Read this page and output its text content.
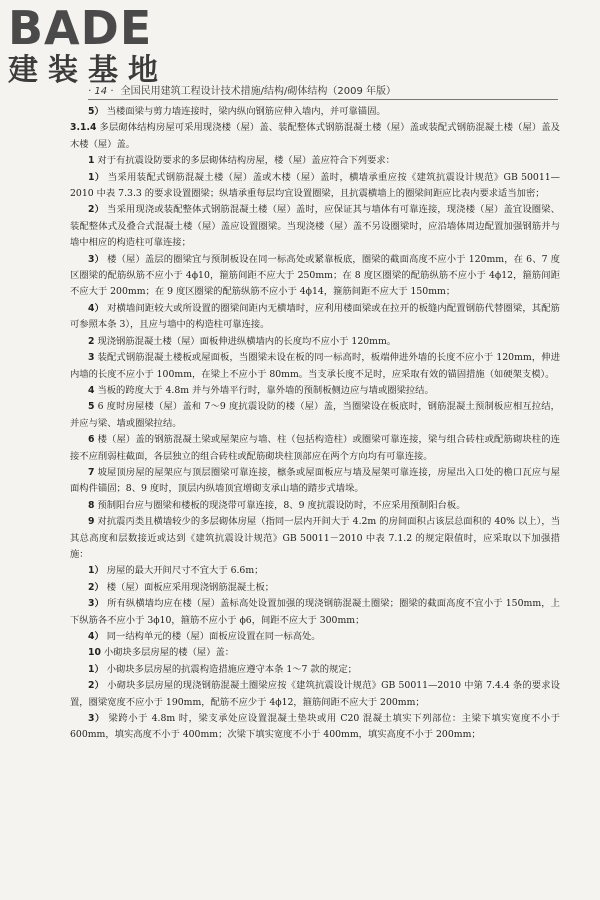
BADE
建装基地
· 14 · 全国民用建筑工程设计技术措施/结构/砌体结构（2009 年版）

5） 当楼面梁与剪力墙连接时，梁内纵向钢筋应伸入墙内，并可靠锚固。

3.1.4 多层砌体结构房屋可采用现浇楼（屋）盖、装配整体式钢筋混凝土楼（屋）盖或装配式钢筋混凝土楼（屋）盖及木楼（屋）盖。

1 对于有抗震设防要求的多层砌体结构房屋，楼（屋）盖应符合下列要求：

1） 当采用装配式钢筋混凝土楼（屋）盖或木楼（屋）盖时，横墙承重应按《建筑抗震设计规范》GB 50011—2010 中表 7.3.3 的要求设置圈梁；纵墙承重每层均宜设置圈梁，且抗震横墙上的圈梁间距应比表内要求适当加密；

2） 当采用现浇或装配整体式钢筋混凝土楼（屋）盖时，应保证其与墙体有可靠连接，现浇楼（屋）盖宜设圈梁、装配整体式及叠合式混凝土楼（屋）盖应设置圈梁。当现浇楼（屋）盖不另设圈梁时，应沿墙体周边配置加强钢筋并与墙中相应的构造柱可靠连接；

3） 楼（屋）盖层的圈梁宜与预制板设在同一标高处或紧靠板底，圈梁的截面高度不应小于 120mm，在 6、7 度区圈梁的配筋纵筋不应小于 4ϕ10，箍筋间距不应大于 250mm；在 8 度区圈梁的配筋纵筋不应小于 4ϕ12，箍筋间距不应大于 200mm；在 9 度区圈梁的配筋纵筋不应小于 4ϕ14，箍筋间距不应大于 150mm；

4） 对横墙间距较大或所设置的圈梁间距内无横墙时，应利用楼面梁或在拉开的板缝内配置钢筋代替圈梁，其配筋可参照本条 3），且应与墙中的构造柱可靠连接。

2 现浇钢筋混凝土楼（屋）面板伸进纵横墙内的长度均不应小于 120mm。

3 装配式钢筋混凝土楼板或屋面板，当圈梁未设在板的同一标高时，板端伸进外墙的长度不应小于 120mm，伸进内墙的长度不应小于 100mm，在梁上不应小于 80mm。当支承长度不足时，应采取有效的锚固措施（如硬架支模）。

4 当板的跨度大于 4.8m 并与外墙平行时，靠外墙的预制板侧边应与墙或圈梁拉结。

5 6 度时房屋楼（屋）盖和 7～9 度抗震设防的楼（屋）盖，当圈梁设在板底时，钢筋混凝土预制板应相互拉结，并应与梁、墙或圈梁拉结。

6 楼（屋）盖的钢筋混凝土梁或屋架应与墙、柱（包括构造柱）或圈梁可靠连接，梁与组合砖柱或配筋砌块柱的连接不应削弱柱截面，各层独立的组合砖柱或配筋砌块柱顶部应在两个方向均有可靠连接。

7 坡屋顶房屋的屋架应与顶层圈梁可靠连接，檩条或屋面板应与墙及屋架可靠连接，房屋出入口处的檐口瓦应与屋面构件锚固；8、9 度时，顶层内纵墙顶宜增砌支承山墙的踏步式墙垛。

8 预制阳台应与圈梁和楼板的现浇带可靠连接，8、9 度抗震设防时，不应采用预制阳台板。

9 对抗震丙类且横墙较少的多层砌体房屋（指同一层内开间大于 4.2m 的房间面积占该层总面积的 40% 以上），当其总高度和层数接近或达到《建筑抗震设计规范》GB 50011－2010 中表 7.1.2 的规定限值时，应采取以下加强措施：

1） 房屋的最大开间尺寸不宜大于 6.6m；

2） 楼（屋）面板应采用现浇钢筋混凝土板；

3） 所有纵横墙均应在楼（屋）盖标高处设置加强的现浇钢筋混凝土圈梁；圈梁的截面高度不宜小于 150mm，上下纵筋各不应小于 3ϕ10，箍筋不应小于 ϕ6，间距不应大于 300mm；

4） 同一结构单元的楼（屋）面板应设置在同一标高处。

10 小砌块多层房屋的楼（屋）盖：

1） 小砌块多层房屋的抗震构造措施应遵守本条 1～7 款的规定；

2） 小砌块多层房屋的现浇钢筋混凝土圈梁应按《建筑抗震设计规范》GB 50011—2010 中第 7.4.4 条的要求设置，圈梁宽度不应小于 190mm，配筋不应少于 4ϕ12，箍筋间距不应大于 200mm；

3） 梁跨小于 4.8m 时，梁支承处应设置混凝土垫块或用 C20 混凝土填实下列部位：主梁下填实宽度不小于 600mm，填实高度不小于 400mm；次梁下填实宽度不小于 400mm，填实高度不小于 200mm；
